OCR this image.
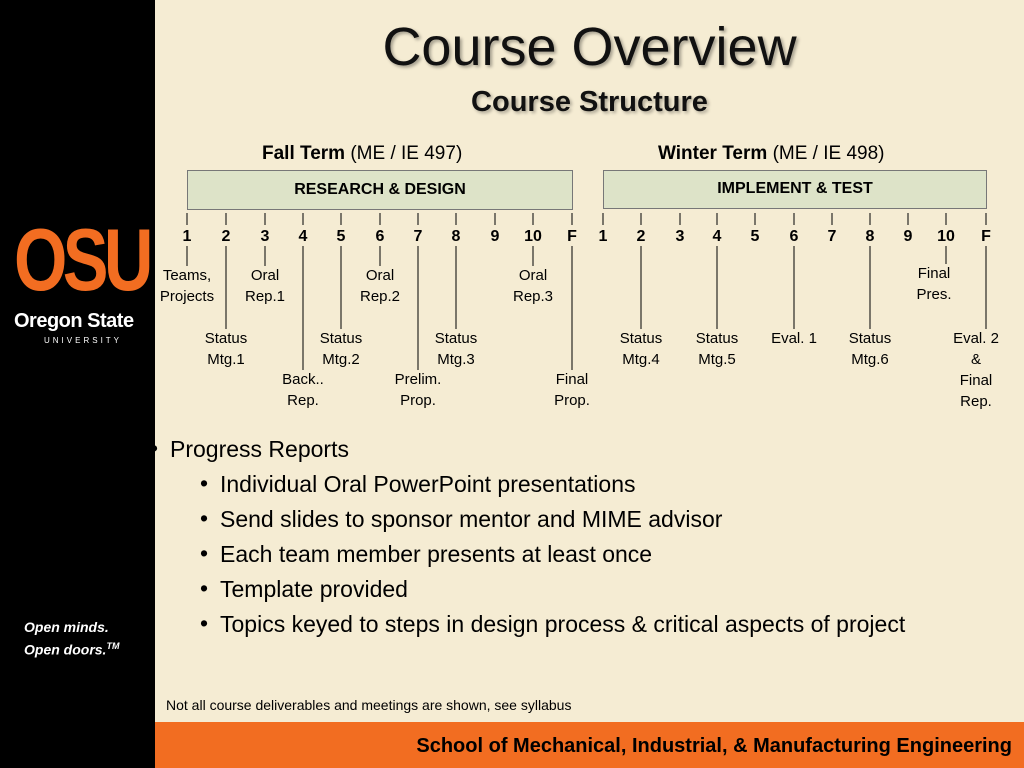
OSU
Oregon State
UNIVERSITY
Open minds.
Open doors.™
Course Overview
Course Structure
Fall Term (ME / IE 497)	Winter Term (ME / IE 498)
RESEARCH & DESIGN	IMPLEMENT & TEST
1 2 3 4 5 6 7 8 9 10 F 1 2 3 4 5 6 7 8 9 10 F
Teams,
Projects
Status
Mtg.1
Oral
Rep.1
Back..
Rep.
Status
Mtg.2
Oral
Rep.2
Prelim.
Prop.
Status
Mtg.3
Oral
Rep.3
Final
Prop.
Status
Mtg.4
Status
Mtg.5
Eval. 1 Status
Mtg.6
Final
Pres.
Eval. 2
&
Final
Rep.
• Progress Reports
• Individual Oral PowerPoint presentations
• Send slides to sponsor mentor and MIME advisor
• Each team member presents at least once
• Template provided
• Topics keyed to steps in design process & critical aspects of project
Not all course deliverables and meetings are shown, see syllabus
School of Mechanical, Industrial, & Manufacturing Engineering
